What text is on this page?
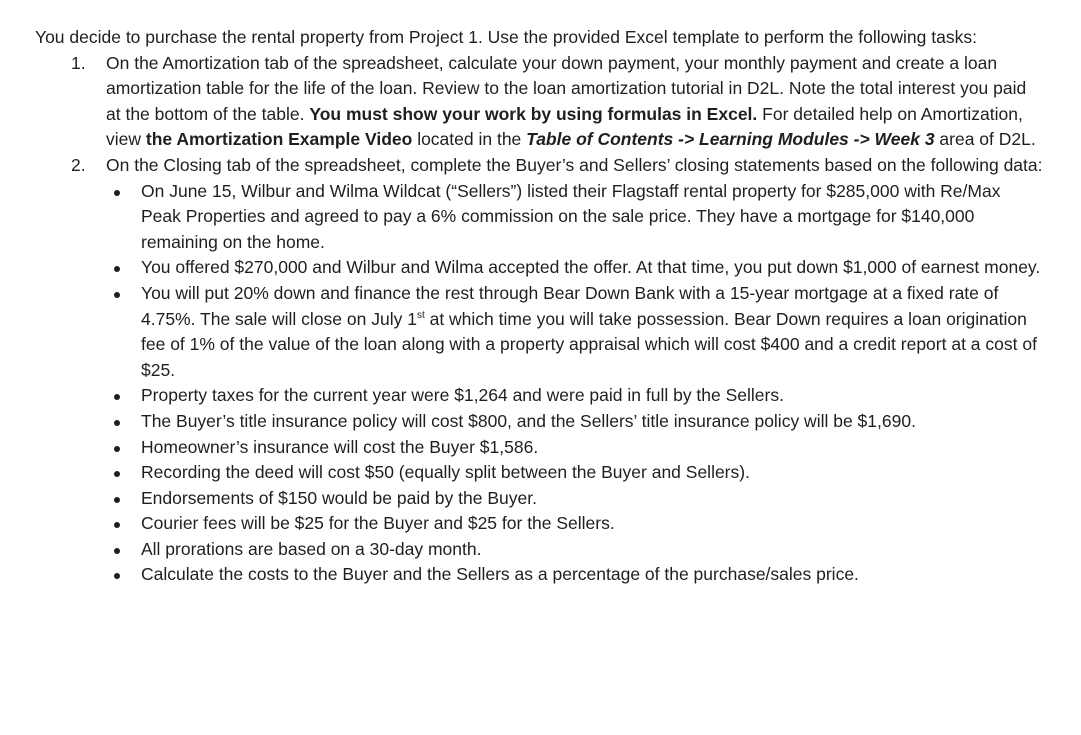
You decide to purchase the rental property from Project 1. Use the provided Excel template to perform the following tasks:

1. On the Amortization tab of the spreadsheet, calculate your down payment, your monthly payment and create a loan amortization table for the life of the loan. Review to the loan amortization tutorial in D2L. Note the total interest you paid at the bottom of the table. You must show your work by using formulas in Excel. For detailed help on Amortization, view the Amortization Example Video located in the Table of Contents -> Learning Modules -> Week 3 area of D2L.
2. On the Closing tab of the spreadsheet, complete the Buyer’s and Sellers’ closing statements based on the following data:
On June 15, Wilbur and Wilma Wildcat (“Sellers”) listed their Flagstaff rental property for $285,000 with Re/Max Peak Properties and agreed to pay a 6% commission on the sale price. They have a mortgage for $140,000 remaining on the home.
You offered $270,000 and Wilbur and Wilma accepted the offer. At that time, you put down $1,000 of earnest money.
You will put 20% down and finance the rest through Bear Down Bank with a 15-year mortgage at a fixed rate of 4.75%. The sale will close on July 1st at which time you will take possession. Bear Down requires a loan origination fee of 1% of the value of the loan along with a property appraisal which will cost $400 and a credit report at a cost of $25.
Property taxes for the current year were $1,264 and were paid in full by the Sellers.
The Buyer’s title insurance policy will cost $800, and the Sellers’ title insurance policy will be $1,690.
Homeowner’s insurance will cost the Buyer $1,586.
Recording the deed will cost $50 (equally split between the Buyer and Sellers).
Endorsements of $150 would be paid by the Buyer.
Courier fees will be $25 for the Buyer and $25 for the Sellers.
All prorations are based on a 30-day month.
Calculate the costs to the Buyer and the Sellers as a percentage of the purchase/sales price.
